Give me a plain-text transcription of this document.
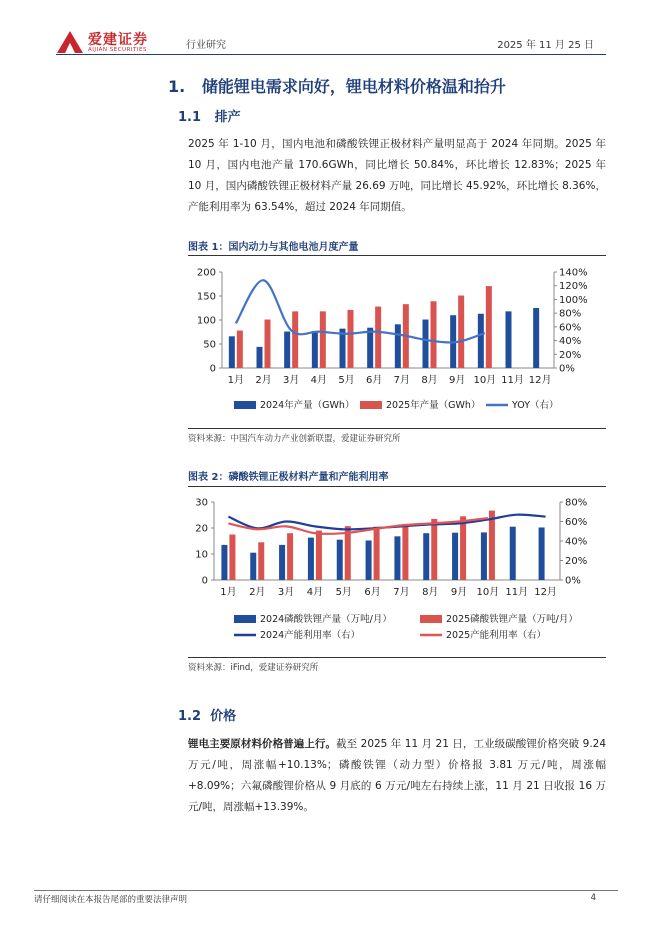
爱建证券
AIJIAN SECURITIES	行业研究	2025 年 11 月 25 日
1.   储能锂电需求向好，锂电材料价格温和抬升
1.1   排产
2025 年 1-10 月，国内电池和磷酸铁锂正极材料产量明显高于 2024 年同期。2025 年 10 月，国内电池产量 170.6GWh，同比增长 50.84%，环比增长 12.83%；2025 年 10 月，国内磷酸铁锂正极材料产量 26.69 万吨，同比增长 45.92%，环比增长 8.36%，产能利用率为 63.54%，超过 2024 年同期值。
图表 1：国内动力与其他电池月度产量
0
50
100
150
200
0%
20%
40%
60%
80%
100%
120%
140%
1月 2月 3月 4月 5月 6月 7月 8月 9月 10月 11月 12月
2024年产量（GWh）	2025年产量（GWh）	YOY（右）
资料来源：中国汽车动力产业创新联盟，爱建证券研究所
图表 2：磷酸铁锂正极材料产量和产能利用率
0
10
20
30
0%
20%
40%
60%
80%
1月 2月 3月 4月 5月 6月 7月 8月 9月 10月 11月 12月
2024磷酸铁锂产量（万吨/月）	2025磷酸铁锂产量（万吨/月）
2024产能利用率（右）	2025产能利用率（右）
资料来源：iFind，爱建证券研究所
1.2  价格
锂电主要原材料价格普遍上行。截至 2025 年 11 月 21 日，工业级碳酸锂价格突破 9.24 万元/吨，周涨幅+10.13%；磷酸铁锂（动力型）价格报 3.81 万元/吨，周涨幅+8.09%；六氟磷酸锂价格从 9 月底的 6 万元/吨左右持续上涨，11 月 21 日收报 16 万元/吨，周涨幅+13.39%。
请仔细阅读在本报告尾部的重要法律声明	4
